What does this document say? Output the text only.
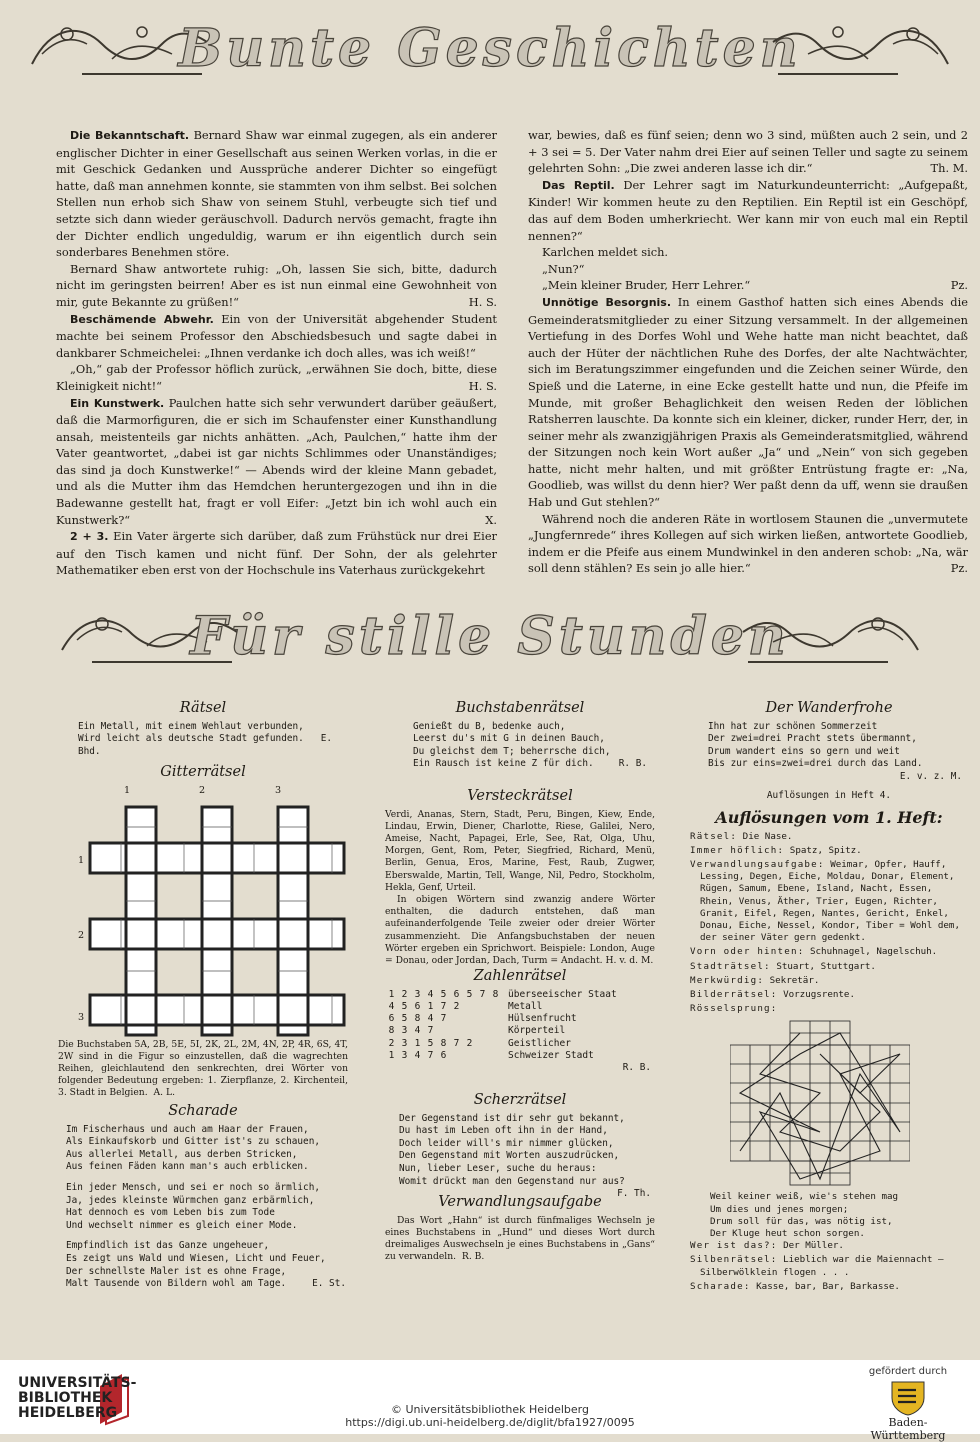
Bunte Geschichten

Die Bekanntschaft. Bernard Shaw war einmal zugegen, als ein anderer englischer Dichter in einer Gesellschaft aus seinen Werken vorlas, in die er mit Geschick Gedanken und Aussprüche anderer Dichter so eingefügt hatte, daß man annehmen konnte, sie stammten von ihm selbst. Bei solchen Stellen nun erhob sich Shaw von seinem Stuhl, verbeugte sich tief und setzte sich dann wieder geräuschvoll. Dadurch nervös gemacht, fragte ihn der Dichter endlich ungeduldig, warum er ihn eigentlich durch sein sonderbares Benehmen störe.

Bernard Shaw antwortete ruhig: „Oh, lassen Sie sich, bitte, dadurch nicht im geringsten beirren! Aber es ist nun einmal eine Gewohnheit von mir, gute Bekannte zu grüßen!“	H. S.

Beschämende Abwehr. Ein von der Universität abgehender Student machte bei seinem Professor den Abschiedsbesuch und sagte dabei in dankbarer Schmeichelei: „Ihnen verdanke ich doch alles, was ich weiß!“

„Oh,“ gab der Professor höflich zurück, „erwähnen Sie doch, bitte, diese Kleinigkeit nicht!“	H. S.

Ein Kunstwerk. Paulchen hatte sich sehr verwundert darüber geäußert, daß die Marmorfiguren, die er sich im Schaufenster einer Kunsthandlung ansah, meistenteils gar nichts anhätten. „Ach, Paulchen,“ hatte ihm der Vater geantwortet, „dabei ist gar nichts Schlimmes oder Unanständiges; das sind ja doch Kunstwerke!“ — Abends wird der kleine Mann gebadet, und als die Mutter ihm das Hemdchen heruntergezogen und ihn in die Badewanne gestellt hat, fragt er voll Eifer: „Jetzt bin ich wohl auch ein Kunstwerk?“	X.

2 + 3. Ein Vater ärgerte sich darüber, daß zum Frühstück nur drei Eier auf den Tisch kamen und nicht fünf. Der Sohn, der als gelehrter Mathematiker eben erst von der Hochschule ins Vaterhaus zurückgekehrt

war, bewies, daß es fünf seien; denn wo 3 sind, müßten auch 2 sein, und 2 + 3 sei = 5. Der Vater nahm drei Eier auf seinen Teller und sagte zu seinem gelehrten Sohn: „Die zwei anderen lasse ich dir.“	Th. M.

Das Reptil. Der Lehrer sagt im Naturkundeunterricht: „Aufgepaßt, Kinder! Wir kommen heute zu den Reptilien. Ein Reptil ist ein Geschöpf, das auf dem Boden umherkriecht. Wer kann mir von euch mal ein Reptil nennen?“

Karlchen meldet sich.

„Nun?“

„Mein kleiner Bruder, Herr Lehrer.“	Pz.

Unnötige Besorgnis. In einem Gasthof hatten sich eines Abends die Gemeinderatsmitglieder zu einer Sitzung versammelt. In der allgemeinen Vertiefung in des Dorfes Wohl und Wehe hatte man nicht beachtet, daß auch der Hüter der nächtlichen Ruhe des Dorfes, der alte Nachtwächter, sich im Beratungszimmer eingefunden und die Zeichen seiner Würde, den Spieß und die Laterne, in eine Ecke gestellt hatte und nun, die Pfeife im Munde, mit großer Behaglichkeit den weisen Reden der löblichen Ratsherren lauschte. Da konnte sich ein kleiner, dicker, runder Herr, der, in seiner mehr als zwanzigjährigen Praxis als Gemeinderatsmitglied, während der Sitzungen noch kein Wort außer „Ja“ und „Nein“ von sich gegeben hatte, nicht mehr halten, und mit größter Entrüstung fragte er: „Na, Goodlieb, was willst du denn hier? Wer paßt denn da uff, wenn sie draußen Hab und Gut stehlen?“

Während noch die anderen Räte in wortlosem Staunen die „unvermutete „Jungfernrede“ ihres Kollegen auf sich wirken ließen, antwortete Goodlieb, indem er die Pfeife aus einem Mundwinkel in den anderen schob: „Na, wär soll denn stählen? Es sein jo alle hier.“	Pz.

Für stille Stunden
Rätsel
Ein Metall, mit einem Wehlaut verbunden,
Wird leicht als deutsche Stadt gefunden. E. Bhd.
Gitterrätsel
1	2	3
1
2
3
Die Buchstaben 5A, 2B, 5E, 5I, 2K, 2L, 2M, 4N, 2P, 4R, 6S, 4T, 2W sind in die Figur so einzustellen, daß die wagrechten Reihen, gleichlautend den senkrechten, drei Wörter von folgender Bedeutung ergeben: 1. Zierpflanze, 2. Kirchenteil, 3. Stadt in Belgien. A. L.
Scharade
Im Fischerhaus und auch am Haar der Frauen,
Als Einkaufskorb und Gitter ist's zu schauen,
Aus allerlei Metall, aus derben Stricken,
Aus feinen Fäden kann man's auch erblicken.
Ein jeder Mensch, und sei er noch so ärmlich,
Ja, jedes kleinste Würmchen ganz erbärmlich,
Hat dennoch es vom Leben bis zum Tode
Und wechselt nimmer es gleich einer Mode.
Empfindlich ist das Ganze ungeheuer,
Es zeigt uns Wald und Wiesen, Licht und Feuer,
Der schnellste Maler ist es ohne Frage,
E. St.
Malt Tausende von Bildern wohl am Tage.
Buchstabenrätsel
Genießt du B, bedenke auch,
Leerst du's mit G in deinen Bauch,
Du gleichst dem T; beherrsche dich,
Ein Rausch ist keine Z für dich.	R. B.
Versteckrätsel
Verdi, Ananas, Stern, Stadt, Peru, Bingen, Kiew, Ende, Lindau, Erwin, Diener, Charlotte, Riese, Galilei, Nero, Ameise, Nacht, Papagei, Erle, See, Rat, Olga, Uhu, Morgen, Gent, Rom, Peter, Siegfried, Richard, Menü, Berlin, Genua, Eros, Marine, Fest, Raub, Zugwer, Eberswalde, Martin, Tell, Wange, Nil, Pedro, Stockholm, Hekla, Genf, Urteil.
In obigen Wörtern sind zwanzig andere Wörter enthalten, die dadurch entstehen, daß man aufeinanderfolgende Teile zweier oder dreier Wörter zusammenzieht. Die Anfangsbuchstaben der neuen Wörter ergeben ein Sprichwort. Beispiele: London, Auge = Donau, oder Jordan, Dach, Turm = Andacht. H. v. d. M.
Zahlenrätsel
1	2	3	4	5	6	5	7	8	überseeischer Staat
4	5	6	1	7	2				Metall
6	5	8	4	7					Hülsenfrucht
8	3	4	7						Körperteil
2	3	1	5	8	7	2			Geistlicher
1	3	4	7	6					Schweizer Stadt
R. B.
Scherzrätsel
Der Gegenstand ist dir sehr gut bekannt,
Du hast im Leben oft ihn in der Hand,
Doch leider will's mir nimmer glücken,
Den Gegenstand mit Worten auszudrücken,
Nun, lieber Leser, suche du heraus:
Womit drückt man den Gegenstand nur aus?
F. Th.
Verwandlungsaufgabe
Das Wort „Hahn“ ist durch fünfmaliges Wechseln je eines Buchstabens in „Hund“ und dieses Wort durch dreimaliges Auswechseln je eines Buchstabens in „Gans“ zu verwandeln. R. B.
Der Wanderfrohe
Ihn hat zur schönen Sommerzeit
Der zwei=drei Pracht stets übermannt,
Drum wandert eins so gern und weit
Bis zur eins=zwei=drei durch das Land.
E. v. z. M.
Auflösungen in Heft 4.
Auflösungen vom 1. Heft:
Rätsel: Die Nase.
Immer höflich: Spatz, Spitz.
Verwandlungsaufgabe: Weimar, Opfer, Hauff, Lessing, Degen, Eiche, Moldau, Donar, Element, Rügen, Samum, Ebene, Island, Nacht, Essen, Rhein, Venus, Äther, Trier, Eugen, Richter, Granit, Eifel, Regen, Nantes, Gericht, Enkel, Donau, Eiche, Nessel, Kondor, Tiber = Wohl dem, der seiner Väter gern gedenkt.
Vorn oder hinten: Schuhnagel, Nagelschuh.
Stadträtsel: Stuart, Stuttgart.
Merkwürdig: Sekretär.
Bilderrätsel: Vorzugsrente.
Rösselsprung:
Weil keiner weiß, wie's stehen mag
Um dies und jenes morgen;
Drum soll für das, was nötig ist,
Der Kluge heut schon sorgen.
Wer ist das?: Der Müller.
Silbenrätsel: Lieblich war die Maiennacht — Silberwölklein flogen . . .
Scharade: Kasse, bar, Bar, Barkasse.
UNIVERSITÄTS-
BIBLIOTHEK
HEIDELBERG	© Universitätsbibliothek Heidelberg
https://digi.ub.uni-heidelberg.de/diglit/bfa1927/0095
gefördert durch
Baden-Württemberg
